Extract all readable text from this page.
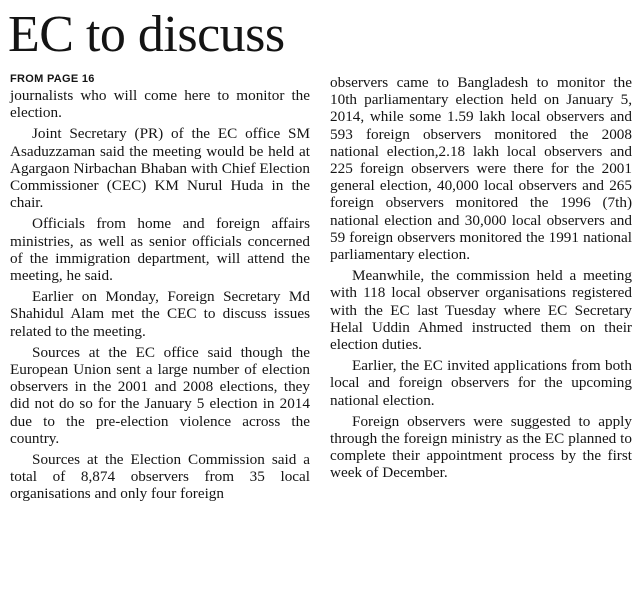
EC to discuss

FROM PAGE 16

journalists who will come here to monitor the election.

Joint Secretary (PR) of the EC office SM Asaduzzaman said the meeting would be held at Agargaon Nirbachan Bhaban with Chief Election Commissioner (CEC) KM Nurul Huda in the chair.

Officials from home and foreign affairs ministries, as well as senior officials concerned of the immigration department, will attend the meeting, he said.

Earlier on Monday, Foreign Secretary Md Shahidul Alam met the CEC to discuss issues related to the meeting.

Sources at the EC office said though the European Union sent a large number of election observers in the 2001 and 2008 elections, they did not do so for the January 5 election in 2014 due to the pre-election violence across the country.

Sources at the Election Commission said a total of 8,874 observers from 35 local organisations and only four foreign

observers came to Bangladesh to monitor the 10th parliamentary election held on January 5, 2014, while some 1.59 lakh local observers and 593 foreign observers monitored the 2008 national election,2.18 lakh local observers and 225 foreign observers were there for the 2001 general election, 40,000 local observers and 265 foreign observers monitored the 1996 (7th) national election and 30,000 local observers and 59 foreign observers monitored the 1991 national parliamentary election.

Meanwhile, the commission held a meeting with 118 local observer organisations registered with the EC last Tuesday where EC Secretary Helal Uddin Ahmed instructed them on their election duties.

Earlier, the EC invited applications from both local and foreign observers for the upcoming national election.

Foreign observers were suggested to apply through the foreign ministry as the EC planned to complete their appointment process by the first week of December.
